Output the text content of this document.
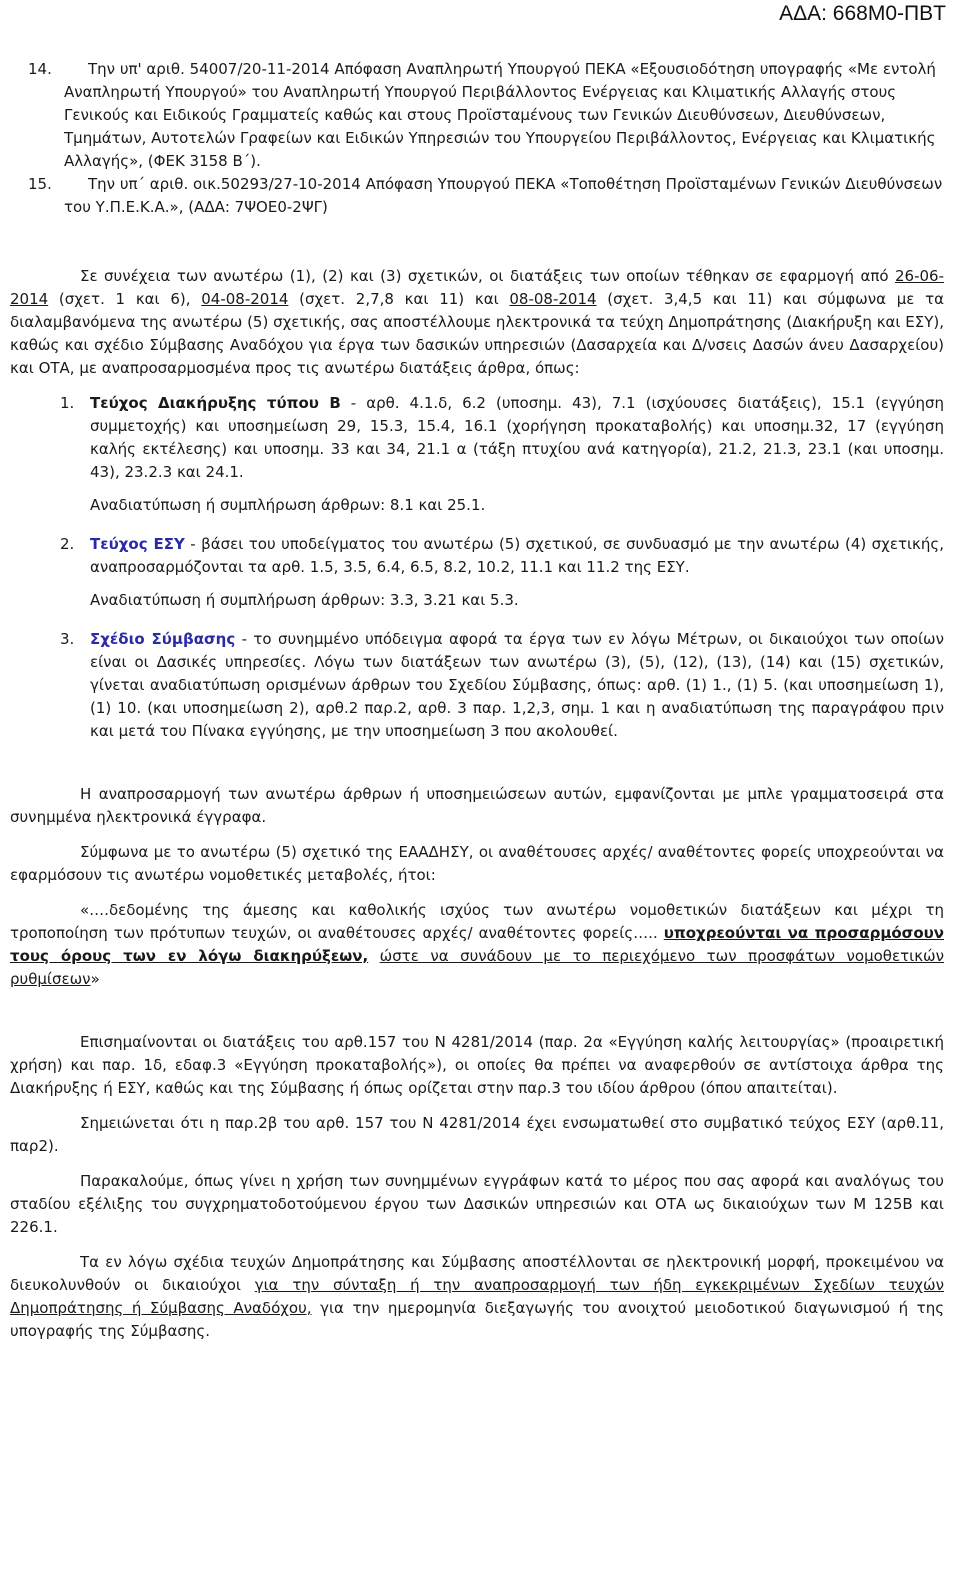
ΑΔΑ: 668Μ0-ΠΒΤ

14. Την υπ' αριθ. 54007/20-11-2014 Απόφαση Αναπληρωτή Υπουργού ΠΕΚΑ «Εξουσιοδότηση υπογραφής «Με εντολή Αναπληρωτή Υπουργού» του Αναπληρωτή Υπουργού Περιβάλλοντος Ενέργειας και Κλιματικής Αλλαγής στους Γενικούς και Ειδικούς Γραμματείς καθώς και στους Προϊσταμένους των Γενικών Διευθύνσεων, Διευθύνσεων, Τμημάτων, Αυτοτελών Γραφείων και Ειδικών Υπηρεσιών του Υπουργείου Περιβάλλοντος, Ενέργειας και Κλιματικής Αλλαγής», (ΦΕΚ 3158 Β΄).

15. Την υπ΄ αριθ. οικ.50293/27-10-2014 Απόφαση Υπουργού ΠΕΚΑ «Τοποθέτηση Προϊσταμένων Γενικών Διευθύνσεων του Υ.Π.Ε.Κ.Α.», (ΑΔΑ: 7ΨΟΕ0-2ΨΓ)

Σε συνέχεια των ανωτέρω (1), (2) και (3) σχετικών, οι διατάξεις των οποίων τέθηκαν σε εφαρμογή από 26-06-2014 (σχετ. 1 και 6), 04-08-2014 (σχετ. 2,7,8 και 11) και 08-08-2014 (σχετ. 3,4,5 και 11) και σύμφωνα με τα διαλαμβανόμενα της ανωτέρω (5) σχετικής, σας αποστέλλουμε ηλεκτρονικά τα τεύχη Δημοπράτησης (Διακήρυξη και ΕΣΥ), καθώς και σχέδιο Σύμβασης Αναδόχου για έργα των δασικών υπηρεσιών (Δασαρχεία και Δ/νσεις Δασών άνευ Δασαρχείου) και ΟΤΑ, με αναπροσαρμοσμένα προς τις ανωτέρω διατάξεις άρθρα, όπως:

1. Τεύχος Διακήρυξης τύπου Β - αρθ. 4.1.δ, 6.2 (υποσημ. 43), 7.1 (ισχύουσες διατάξεις), 15.1 (εγγύηση συμμετοχής) και υποσημείωση 29, 15.3, 15.4, 16.1 (χορήγηση προκαταβολής) και υποσημ.32, 17 (εγγύηση καλής εκτέλεσης) και υποσημ. 33 και 34, 21.1 α (τάξη πτυχίου ανά κατηγορία), 21.2, 21.3, 23.1 (και υποσημ. 43), 23.2.3 και 24.1.

Αναδιατύπωση ή συμπλήρωση άρθρων: 8.1 και 25.1.

2. Τεύχος ΕΣΥ - βάσει του υποδείγματος του ανωτέρω (5) σχετικού, σε συνδυασμό με την ανωτέρω (4) σχετικής, αναπροσαρμόζονται τα αρθ. 1.5, 3.5, 6.4, 6.5, 8.2, 10.2, 11.1 και 11.2 της ΕΣΥ.

Αναδιατύπωση ή συμπλήρωση άρθρων: 3.3, 3.21 και 5.3.

3. Σχέδιο Σύμβασης - το συνημμένο υπόδειγμα αφορά τα έργα των εν λόγω Μέτρων, οι δικαιούχοι των οποίων είναι οι Δασικές υπηρεσίες. Λόγω των διατάξεων των ανωτέρω (3), (5), (12), (13), (14) και (15) σχετικών, γίνεται αναδιατύπωση ορισμένων άρθρων του Σχεδίου Σύμβασης, όπως: αρθ. (1) 1., (1) 5. (και υποσημείωση 1), (1) 10. (και υποσημείωση 2), αρθ.2 παρ.2, αρθ. 3 παρ. 1,2,3, σημ. 1 και η αναδιατύπωση της παραγράφου πριν και μετά του Πίνακα εγγύησης, με την υποσημείωση 3 που ακολουθεί.

Η αναπροσαρμογή των ανωτέρω άρθρων ή υποσημειώσεων αυτών, εμφανίζονται με μπλε γραμματοσειρά στα συνημμένα ηλεκτρονικά έγγραφα.

Σύμφωνα με το ανωτέρω (5) σχετικό της ΕΑΑΔΗΣΥ, οι αναθέτουσες αρχές/ αναθέτοντες φορείς υποχρεούνται να εφαρμόσουν τις ανωτέρω νομοθετικές μεταβολές, ήτοι:

«….δεδομένης της άμεσης και καθολικής ισχύος των ανωτέρω νομοθετικών διατάξεων και μέχρι τη τροποποίηση των πρότυπων τευχών, οι αναθέτουσες αρχές/ αναθέτοντες φορείς….. υποχρεούνται να προσαρμόσουν τους όρους των εν λόγω διακηρύξεων, ώστε να συνάδουν με το περιεχόμενο των προσφάτων νομοθετικών ρυθμίσεων»

Επισημαίνονται οι διατάξεις του αρθ.157 του Ν 4281/2014 (παρ. 2α «Εγγύηση καλής λειτουργίας» (προαιρετική χρήση) και παρ. 1δ, εδαφ.3 «Εγγύηση προκαταβολής»), οι οποίες θα πρέπει να αναφερθούν σε αντίστοιχα άρθρα της Διακήρυξης ή ΕΣΥ, καθώς και της Σύμβασης ή όπως ορίζεται στην παρ.3 του ιδίου άρθρου (όπου απαιτείται).

Σημειώνεται ότι η παρ.2β του αρθ. 157 του Ν 4281/2014 έχει ενσωματωθεί στο συμβατικό τεύχος ΕΣΥ (αρθ.11, παρ2).

Παρακαλούμε, όπως γίνει η χρήση των συνημμένων εγγράφων κατά το μέρος που σας αφορά και αναλόγως του σταδίου εξέλιξης του συγχρηματοδοτούμενου έργου των Δασικών υπηρεσιών και ΟΤΑ ως δικαιούχων των Μ 125Β και 226.1.

Τα εν λόγω σχέδια τευχών Δημοπράτησης και Σύμβασης αποστέλλονται σε ηλεκτρονική μορφή, προκειμένου να διευκολυνθούν οι δικαιούχοι για την σύνταξη ή την αναπροσαρμογή των ήδη εγκεκριμένων Σχεδίων τευχών Δημοπράτησης ή Σύμβασης Αναδόχου, για την ημερομηνία διεξαγωγής του ανοιχτού μειοδοτικού διαγωνισμού ή της υπογραφής της Σύμβασης.
